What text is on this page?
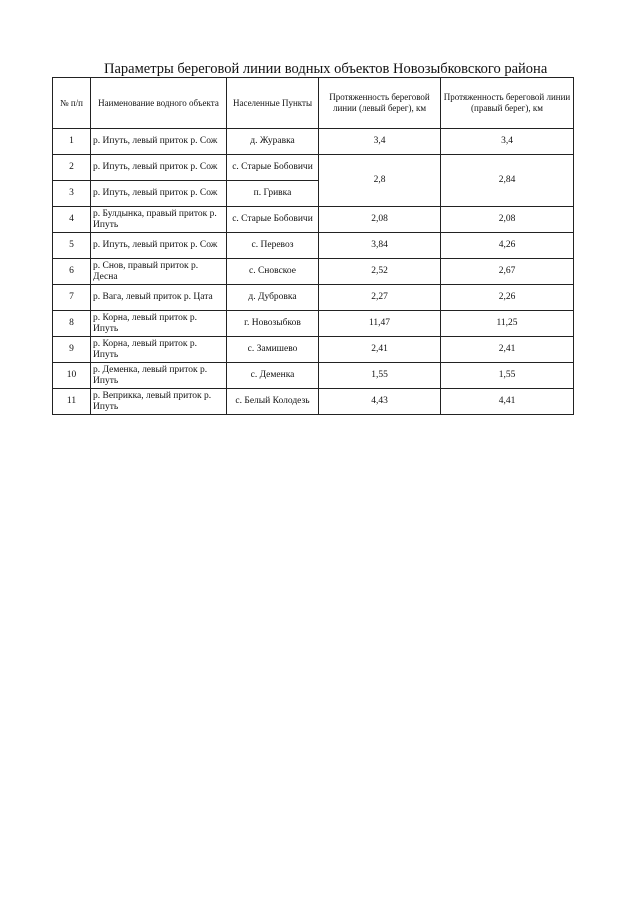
Параметры береговой линии водных объектов Новозыбковского района
№ п/п	Наименование водного объекта	Населенные Пункты	Протяженность береговой линии (левый берег), км	Протяженность береговой линии (правый берег), км
1	р. Ипуть, левый приток р. Сож	д. Журавка	3,4	3,4
2	р. Ипуть, левый приток р. Сож	с. Старые Бобовичи	2,8	2,84
3	р. Ипуть, левый приток р. Сож	п. Гривка		
4	р. Булдынка, правый приток р. Ипуть	с. Старые Бобовичи	2,08	2,08
5	р. Ипуть, левый приток р. Сож	с. Перевоз	3,84	4,26
6	р. Снов, правый приток р. Десна	с. Сновское	2,52	2,67
7	р. Вага, левый приток р. Цата	д. Дубровка	2,27	2,26
8	р. Корна, левый приток р. Ипуть	г. Новозыбков	11,47	11,25
9	р. Корна, левый приток р. Ипуть	с. Замишево	2,41	2,41
10	р. Деменка, левый приток р. Ипуть	с. Деменка	1,55	1,55
11	р. Веприкка, левый приток р. Ипуть	с. Белый Колодезь	4,43	4,41
